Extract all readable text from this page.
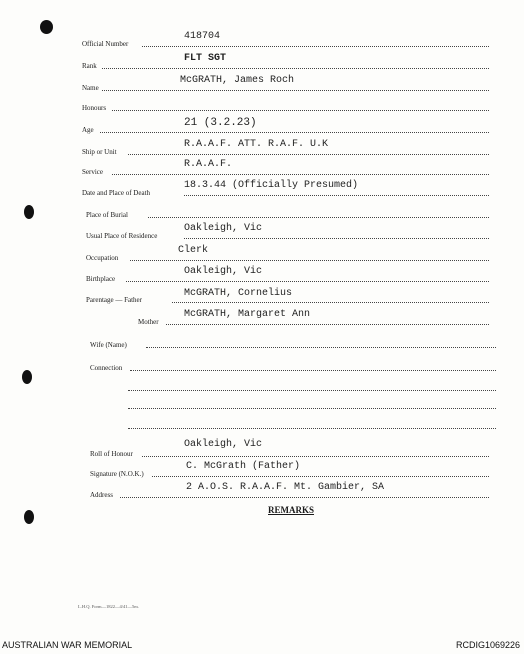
Official Number
418704
Rank
FLT SGT
Name
McGRATH, James Roch
Honours
Age
21 (3.2.23)
Ship or Unit
R.A.A.F. ATT. R.A.F. U.K
Service
R.A.A.F.
Date and Place of Death
18.3.44 (Officially Presumed)
Place of Burial
Usual Place of Residence
Oakleigh, Vic
Occupation
Clerk
Birthplace
Oakleigh, Vic
Parentage — Father
McGRATH, Cornelius
Mother
McGRATH, Margaret Ann
Wife (Name)
Connection
Roll of Honour
Oakleigh, Vic
Signature (N.O.K.)
C. McGrath (Father)
Address
2 A.O.S. R.A.A.F. Mt. Gambier, SA
REMARKS
L.H.Q. Form—1822—4/41—5m.
AUSTRALIAN WAR MEMORIAL	RCDIG1069226
